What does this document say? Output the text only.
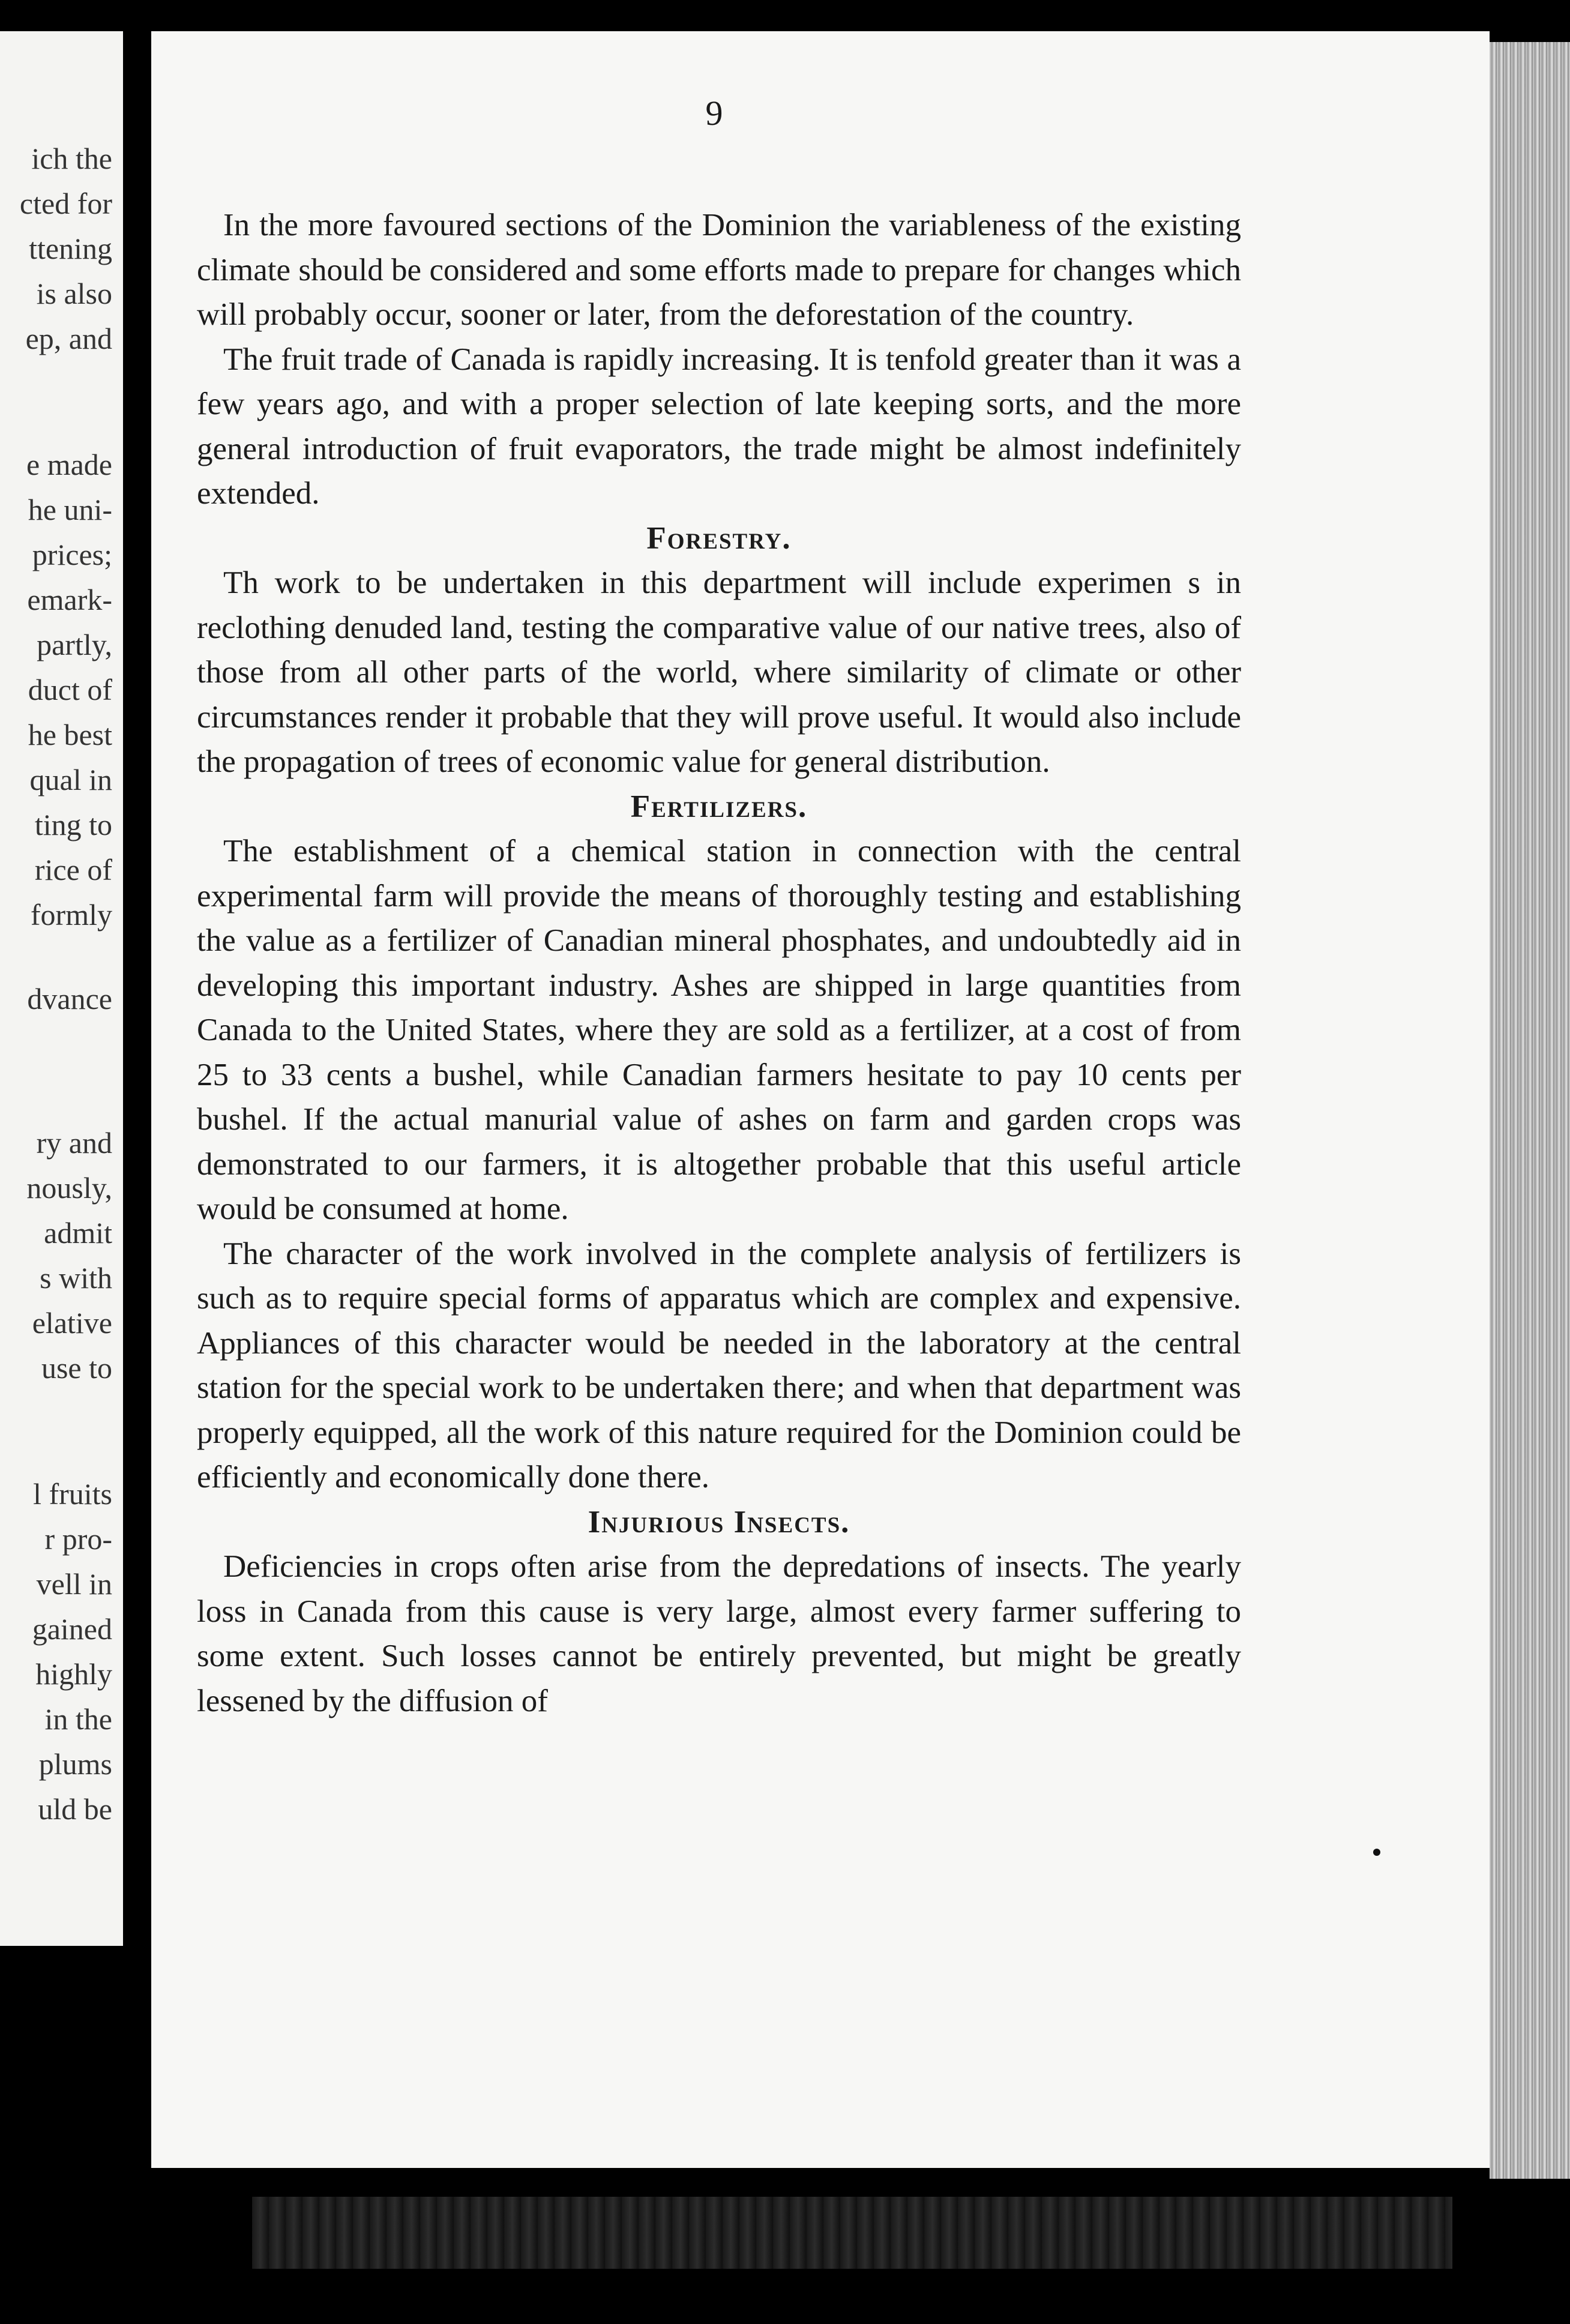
ich the
cted for
ttening
is also
ep, and
e made
he uni-
prices;
emark-
partly,
duct of
he best
qual in
ting to
rice of
formly
dvance
ry and
nously,
admit
s with
elative
use to
l fruits
r pro-
vell in
gained
highly
in the
plums
uld be
9

In the more favoured sections of the Dominion the variableness of the existing climate should be considered and some efforts made to prepare for changes which will probably occur, sooner or later, from the deforestation of the country.

The fruit trade of Canada is rapidly increasing. It is tenfold greater than it was a few years ago, and with a proper selection of late keeping sorts, and the more general introduction of fruit evaporators, the trade might be almost indefinitely extended.

Forestry.

Th work to be undertaken in this department will include experimen s in reclothing denuded land, testing the comparative value of our native trees, also of those from all other parts of the world, where similarity of climate or other circumstances render it probable that they will prove useful. It would also include the propagation of trees of economic value for general distribution.

Fertilizers.

The establishment of a chemical station in connection with the central experimental farm will provide the means of thoroughly testing and establishing the value as a fertilizer of Canadian mineral phosphates, and undoubtedly aid in developing this important industry. Ashes are shipped in large quantities from Canada to the United States, where they are sold as a fertilizer, at a cost of from 25 to 33 cents a bushel, while Canadian farmers hesitate to pay 10 cents per bushel. If the actual manurial value of ashes on farm and garden crops was demonstrated to our farmers, it is altogether probable that this useful article would be consumed at home.

The character of the work involved in the complete analysis of fertilizers is such as to require special forms of apparatus which are complex and expensive. Appliances of this character would be needed in the laboratory at the central station for the special work to be undertaken there; and when that department was properly equipped, all the work of this nature required for the Dominion could be efficiently and economically done there.

Injurious Insects.

Deficiencies in crops often arise from the depredations of insects. The yearly loss in Canada from this cause is very large, almost every farmer suffering to some extent. Such losses cannot be entirely prevented, but might be greatly lessened by the diffusion of
